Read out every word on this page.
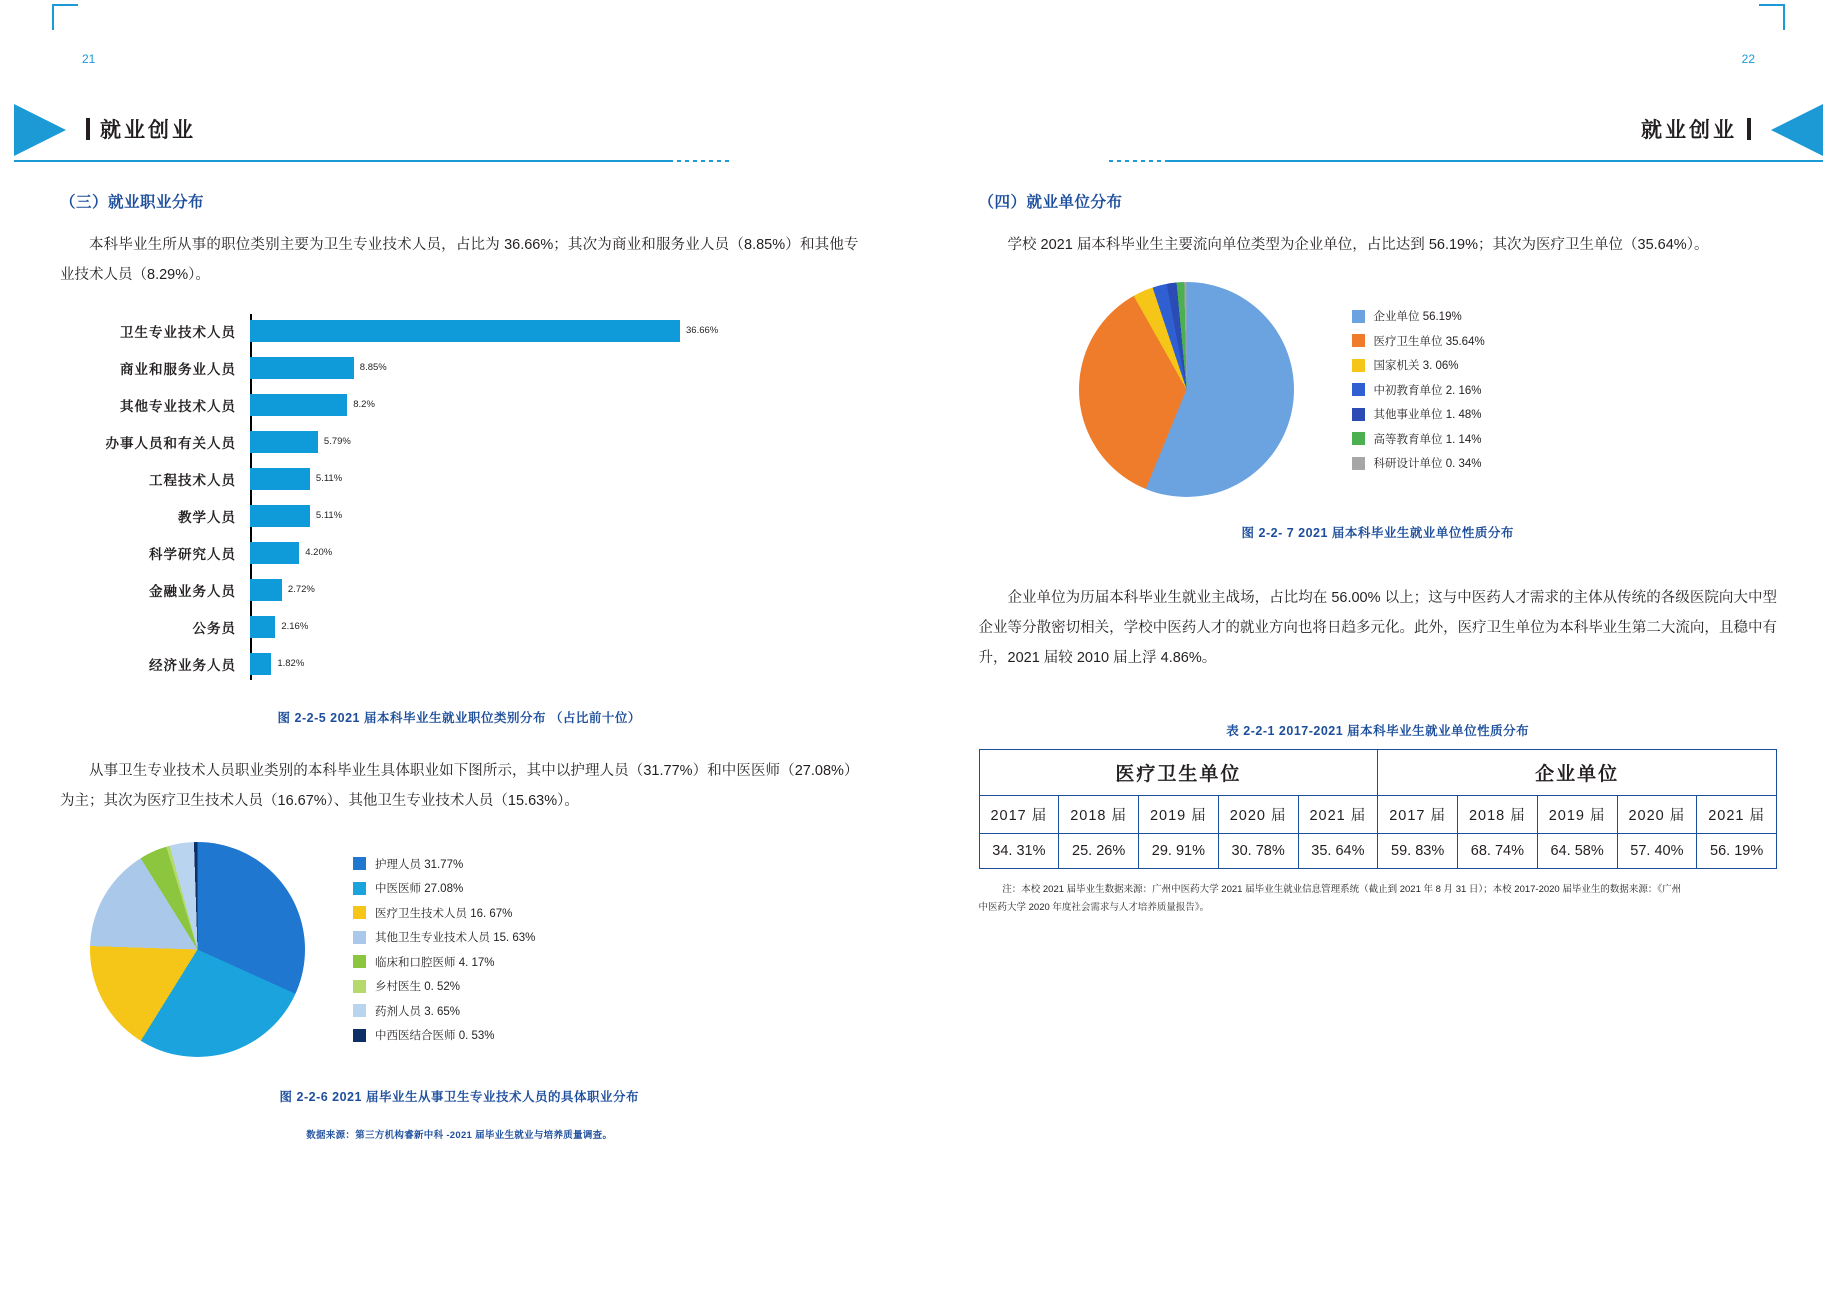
21
就业创业
（三）就业职业分布

本科毕业生所从事的职位类别主要为卫生专业技术人员，占比为 36.66%；其次为商业和服务业人员（8.85%）和其他专业技术人员（8.29%）。

卫生专业技术人员	36.66%
商业和服务业人员	8.85%
其他专业技术人员	8.2%
办事人员和有关人员	5.79%
工程技术人员	5.11%
教学人员	5.11%
科学研究人员	4.20%
金融业务人员	2.72%
公务员	2.16%
经济业务人员	1.82%
图 2-2-5 2021 届本科毕业生就业职位类别分布 （占比前十位）

从事卫生专业技术人员职业类别的本科毕业生具体职业如下图所示，其中以护理人员（31.77%）和中医医师（27.08%）为主；其次为医疗卫生技术人员（16.67%）、其他卫生专业技术人员（15.63%）。

护理人员 31.77%
中医医师 27.08%
医疗卫生技术人员 16. 67%
其他卫生专业技术人员 15. 63%
临床和口腔医师 4. 17%
乡村医生 0. 52%
药剂人员 3. 65%
中西医结合医师 0. 53%
图 2-2-6 2021 届毕业生从事卫生专业技术人员的具体职业分布
数据来源：第三方机构睿新中科 -2021 届毕业生就业与培养质量调查。
22
就业创业
（四）就业单位分布

学校 2021 届本科毕业生主要流向单位类型为企业单位，占比达到 56.19%；其次为医疗卫生单位（35.64%）。

企业单位 56.19%
医疗卫生单位 35.64%
国家机关 3. 06%
中初教育单位 2. 16%
其他事业单位 1. 48%
高等教育单位 1. 14%
科研设计单位 0. 34%
图 2-2- 7 2021 届本科毕业生就业单位性质分布

企业单位为历届本科毕业生就业主战场，占比均在 56.00% 以上；这与中医药人才需求的主体从传统的各级医院向大中型企业等分散密切相关，学校中医药人才的就业方向也将日趋多元化。此外，医疗卫生单位为本科毕业生第二大流向，且稳中有升，2021 届较 2010 届上浮 4.86%。

表 2-2-1 2017-2021 届本科毕业生就业单位性质分布
医疗卫生单位					企业单位				
2017 届	2018 届	2019 届	2020 届	2021 届	2017 届	2018 届	2019 届	2020 届	2021 届
34. 31%	25. 26%	29. 91%	30. 78%	35. 64%	59. 83%	68. 74%	64. 58%	57. 40%	56. 19%
注：本校 2021 届毕业生数据来源：广州中医药大学 2021 届毕业生就业信息管理系统（截止到 2021 年 8 月 31 日）；本校 2017-2020 届毕业生的数据来源：《广州
中医药大学 2020 年度社会需求与人才培养质量报告》。
